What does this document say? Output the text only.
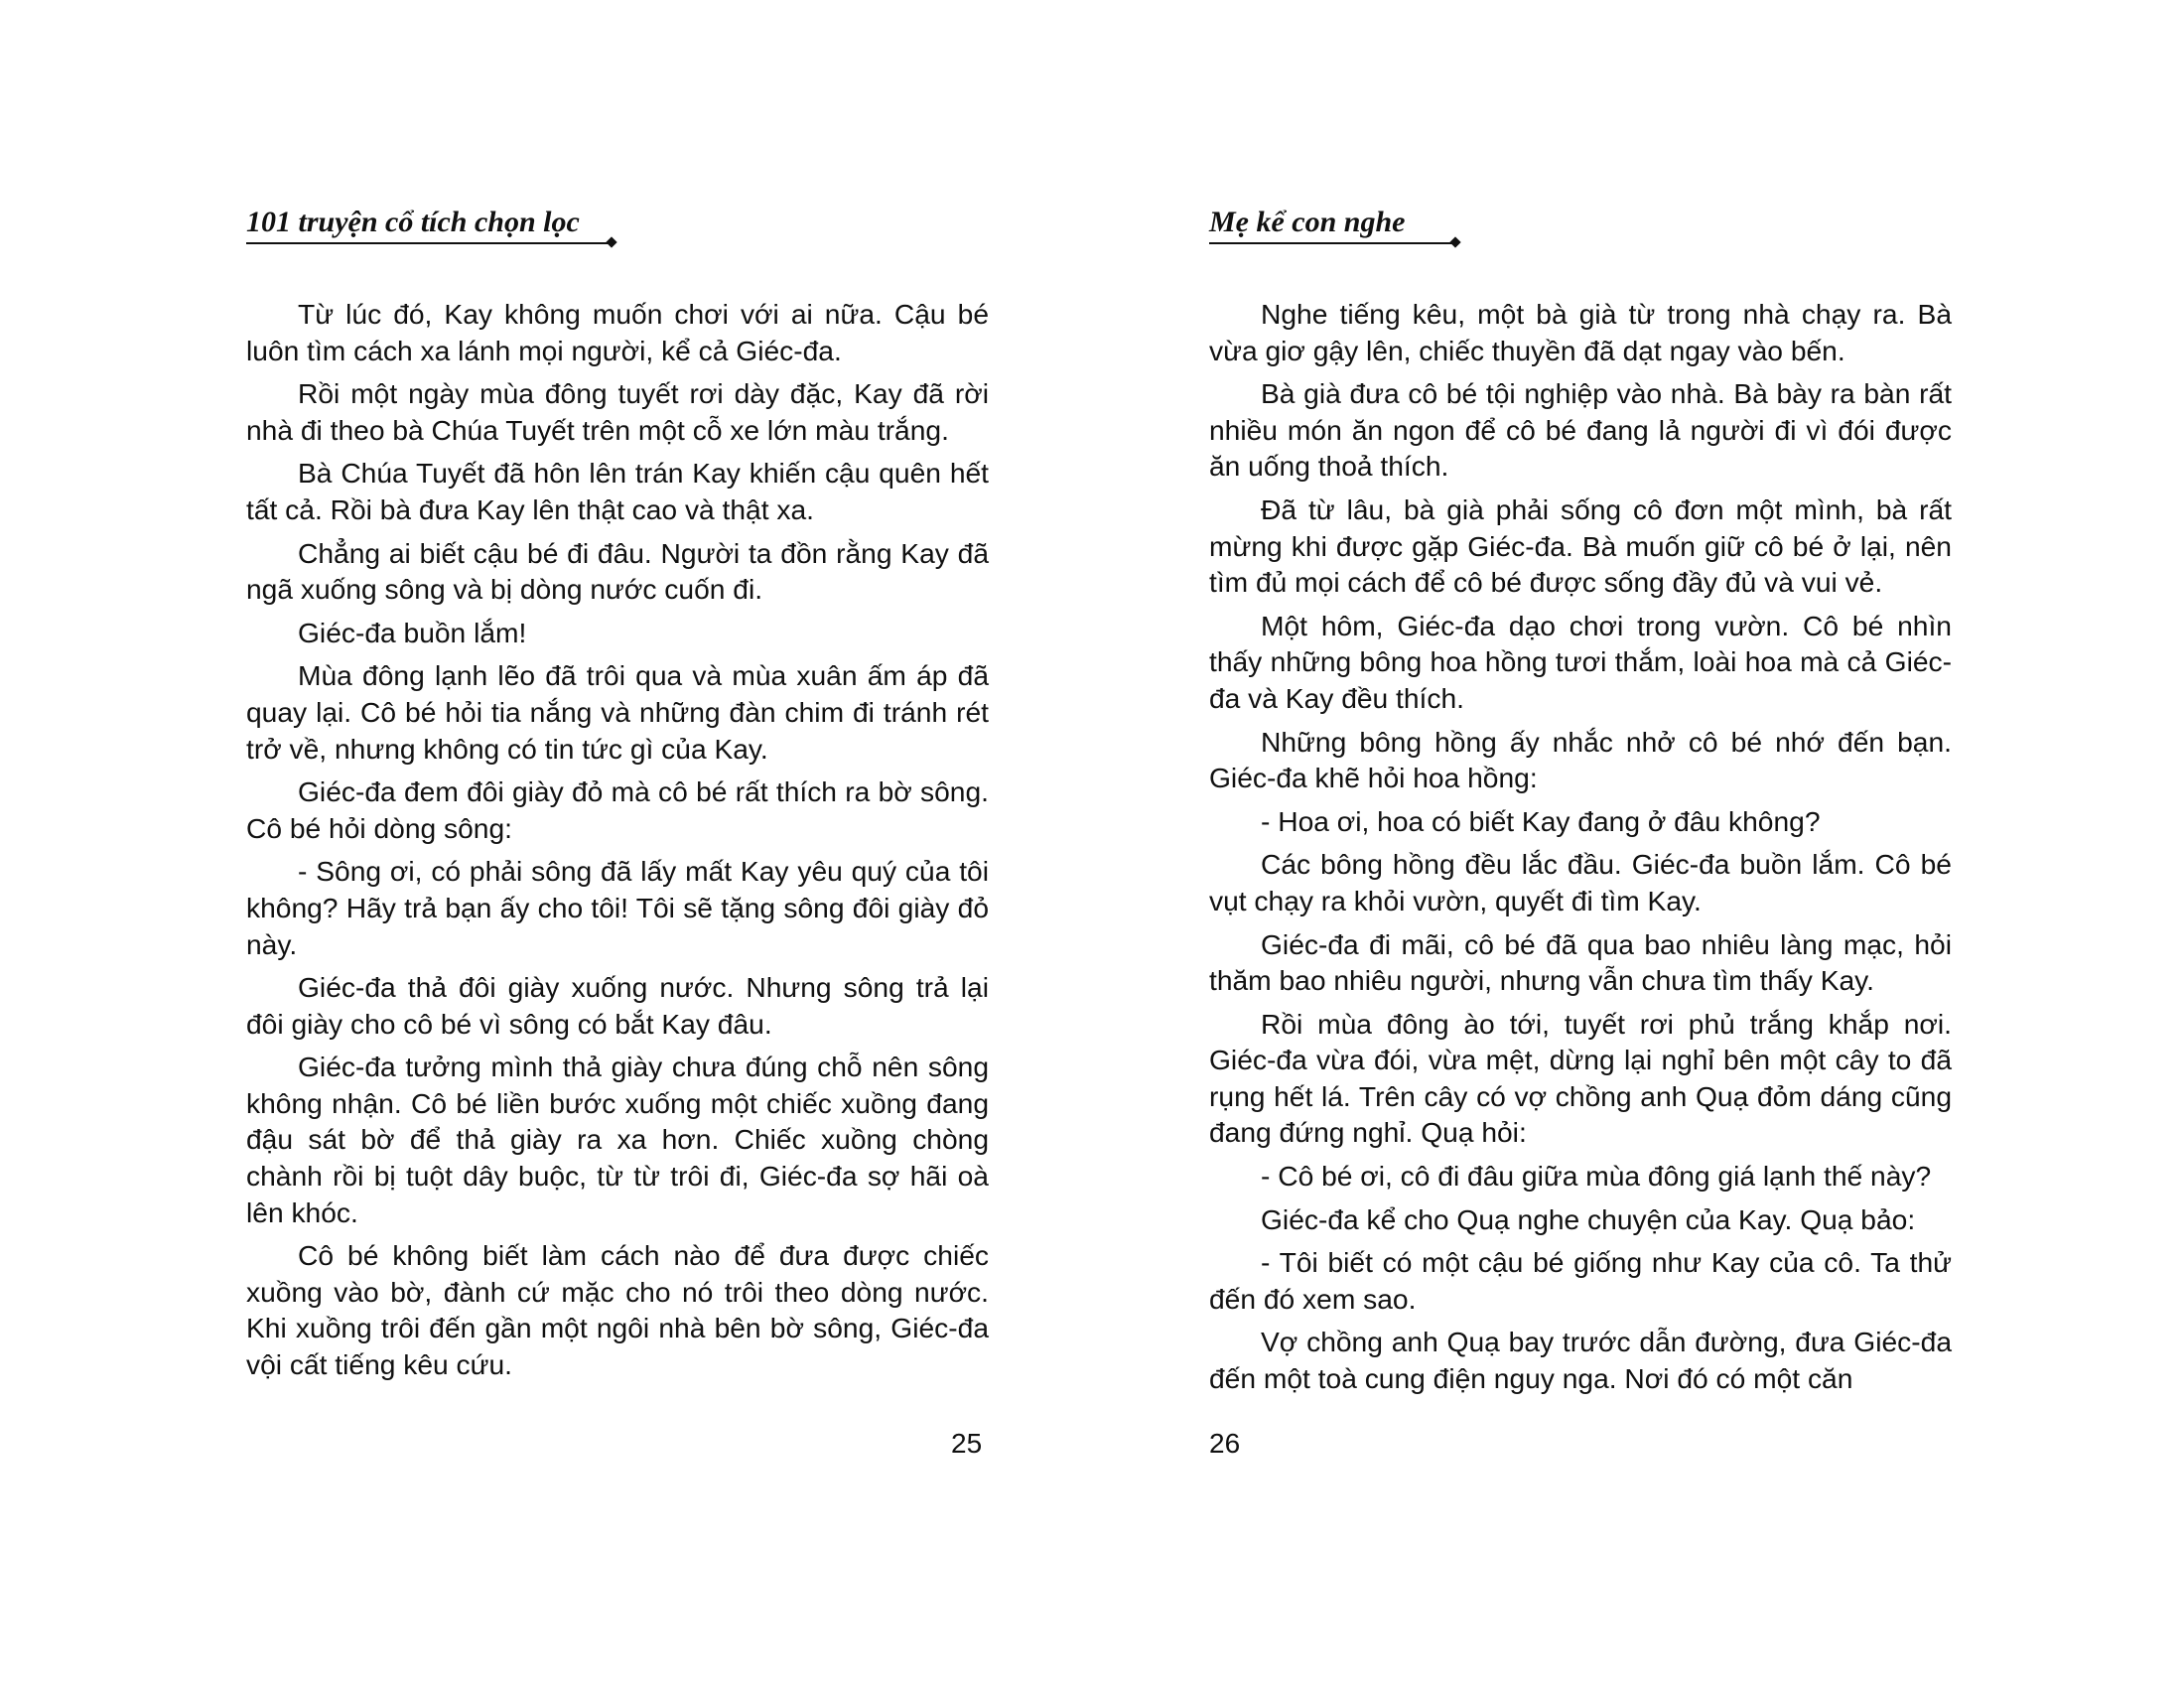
101 truyện cổ tích chọn lọc

Từ lúc đó, Kay không muốn chơi với ai nữa. Cậu bé luôn tìm cách xa lánh mọi người, kể cả Giéc-đa.

Rồi một ngày mùa đông tuyết rơi dày đặc, Kay đã rời nhà đi theo bà Chúa Tuyết trên một cỗ xe lớn màu trắng.

Bà Chúa Tuyết đã hôn lên trán Kay khiến cậu quên hết tất cả. Rồi bà đưa Kay lên thật cao và thật xa.

Chẳng ai biết cậu bé đi đâu. Người ta đồn rằng Kay đã ngã xuống sông và bị dòng nước cuốn đi.

Giéc-đa buồn lắm!

Mùa đông lạnh lẽo đã trôi qua và mùa xuân ấm áp đã quay lại. Cô bé hỏi tia nắng và những đàn chim đi tránh rét trở về, nhưng không có tin tức gì của Kay.

Giéc-đa đem đôi giày đỏ mà cô bé rất thích ra bờ sông. Cô bé hỏi dòng sông:

- Sông ơi, có phải sông đã lấy mất Kay yêu quý của tôi không? Hãy trả bạn ấy cho tôi! Tôi sẽ tặng sông đôi giày đỏ này.

Giéc-đa thả đôi giày xuống nước. Nhưng sông trả lại đôi giày cho cô bé vì sông có bắt Kay đâu.

Giéc-đa tưởng mình thả giày chưa đúng chỗ nên sông không nhận. Cô bé liền bước xuống một chiếc xuồng đang đậu sát bờ để thả giày ra xa hơn. Chiếc xuồng chòng chành rồi bị tuột dây buộc, từ từ trôi đi, Giéc-đa sợ hãi oà lên khóc.

Cô bé không biết làm cách nào để đưa được chiếc xuồng vào bờ, đành cứ mặc cho nó trôi theo dòng nước. Khi xuồng trôi đến gần một ngôi nhà bên bờ sông, Giéc-đa vội cất tiếng kêu cứu.

25
Mẹ kể con nghe

Nghe tiếng kêu, một bà già từ trong nhà chạy ra. Bà vừa giơ gậy lên, chiếc thuyền đã dạt ngay vào bến.

Bà già đưa cô bé tội nghiệp vào nhà. Bà bày ra bàn rất nhiều món ăn ngon để cô bé đang lả người đi vì đói được ăn uống thoả thích.

Đã từ lâu, bà già phải sống cô đơn một mình, bà rất mừng khi được gặp Giéc-đa. Bà muốn giữ cô bé ở lại, nên tìm đủ mọi cách để cô bé được sống đầy đủ và vui vẻ.

Một hôm, Giéc-đa dạo chơi trong vườn. Cô bé nhìn thấy những bông hoa hồng tươi thắm, loài hoa mà cả Giéc-đa và Kay đều thích.

Những bông hồng ấy nhắc nhở cô bé nhớ đến bạn. Giéc-đa khẽ hỏi hoa hồng:

- Hoa ơi, hoa có biết Kay đang ở đâu không?

Các bông hồng đều lắc đầu. Giéc-đa buồn lắm. Cô bé vụt chạy ra khỏi vườn, quyết đi tìm Kay.

Giéc-đa đi mãi, cô bé đã qua bao nhiêu làng mạc, hỏi thăm bao nhiêu người, nhưng vẫn chưa tìm thấy Kay.

Rồi mùa đông ào tới, tuyết rơi phủ trắng khắp nơi. Giéc-đa vừa đói, vừa mệt, dừng lại nghỉ bên một cây to đã rụng hết lá. Trên cây có vợ chồng anh Quạ đỏm dáng cũng đang đứng nghỉ. Quạ hỏi:

- Cô bé ơi, cô đi đâu giữa mùa đông giá lạnh thế này?

Giéc-đa kể cho Quạ nghe chuyện của Kay. Quạ bảo:

- Tôi biết có một cậu bé giống như Kay của cô. Ta thử đến đó xem sao.

Vợ chồng anh Quạ bay trước dẫn đường, đưa Giéc-đa đến một toà cung điện nguy nga. Nơi đó có một căn

26
